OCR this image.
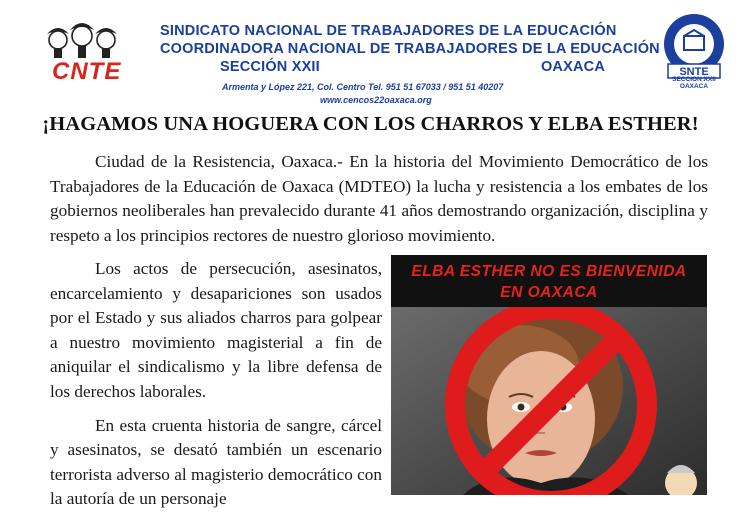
CNTE
SINDICATO NACIONAL DE TRABAJADORES DE LA EDUCACIÓN
COORDINADORA NACIONAL DE TRABAJADORES DE LA EDUCACIÓN
SECCIÓN XXII	OAXACA
Armenta y López 221, Col. Centro Tel. 951 51 67033 / 951 51 40207
www.cencos22oaxaca.org
SNTE
SECCION XXII
OAXACA
¡HAGAMOS UNA HOGUERA CON LOS CHARROS Y ELBA ESTHER!

Ciudad de la Resistencia, Oaxaca.- En la historia del Movimiento Democrático de los Trabajadores de la Educación de Oaxaca (MDTEO) la lucha y resistencia a los embates de los gobiernos neoliberales han prevalecido durante 41 años demostrando organización, disciplina y respeto a los principios rectores de nuestro glorioso movimiento.

Los actos de persecución, asesinatos, encarcelamiento y desapariciones son usados por el Estado y sus aliados charros para golpear a nuestro movimiento magisterial a fin de aniquilar el sindicalismo y la libre defensa de los derechos laborales.

En esta cruenta historia de sangre, cárcel y asesinatos, se desató también un escenario terrorista adverso al magisterio democrático con la autoría de un personaje

ELBA ESTHER NO ES BIENVENIDA
EN OAXACA
